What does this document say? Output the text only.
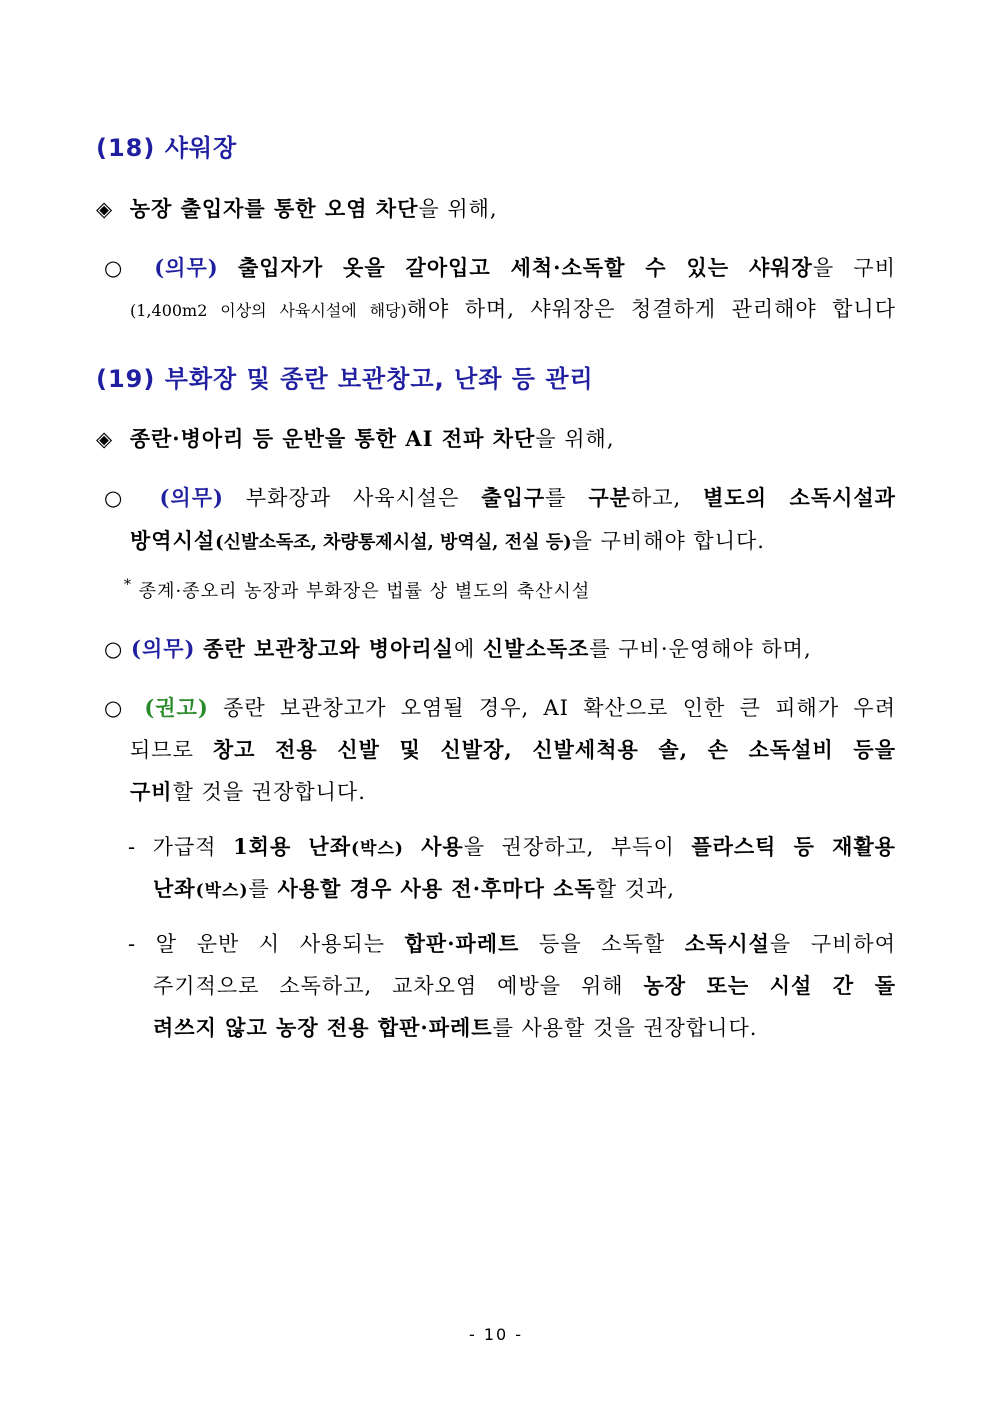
(18) 샤워장
◈ 농장 출입자를 통한 오염 차단을 위해,
○ (의무) 출입자가 옷을 갈아입고 세척·소독할 수 있는 샤워장을 구비
(1,400m2 이상의 사육시설에 해당)해야 하며, 샤워장은 청결하게 관리해야 합니다
(19) 부화장 및 종란 보관창고, 난좌 등 관리
◈ 종란·병아리 등 운반을 통한 AI 전파 차단을 위해,
○ (의무) 부화장과 사육시설은 출입구를 구분하고, 별도의 소독시설과
방역시설(신발소독조, 차량통제시설, 방역실, 전실 등)을 구비해야 합니다.
* 종계·종오리 농장과 부화장은 법률 상 별도의 축산시설
○ (의무) 종란 보관창고와 병아리실에 신발소독조를 구비·운영해야 하며,
○ (권고) 종란 보관창고가 오염될 경우, AI 확산으로 인한 큰 피해가 우려
되므로 창고 전용 신발 및 신발장, 신발세척용 솔, 손 소독설비 등을
구비할 것을 권장합니다.
- 가급적 1회용 난좌(박스) 사용을 권장하고, 부득이 플라스틱 등 재활용
난좌(박스)를 사용할 경우 사용 전·후마다 소독할 것과,
- 알 운반 시 사용되는 합판·파레트 등을 소독할 소독시설을 구비하여
주기적으로 소독하고, 교차오염 예방을 위해 농장 또는 시설 간 돌
려쓰지 않고 농장 전용 합판·파레트를 사용할 것을 권장합니다.
- 10 -
